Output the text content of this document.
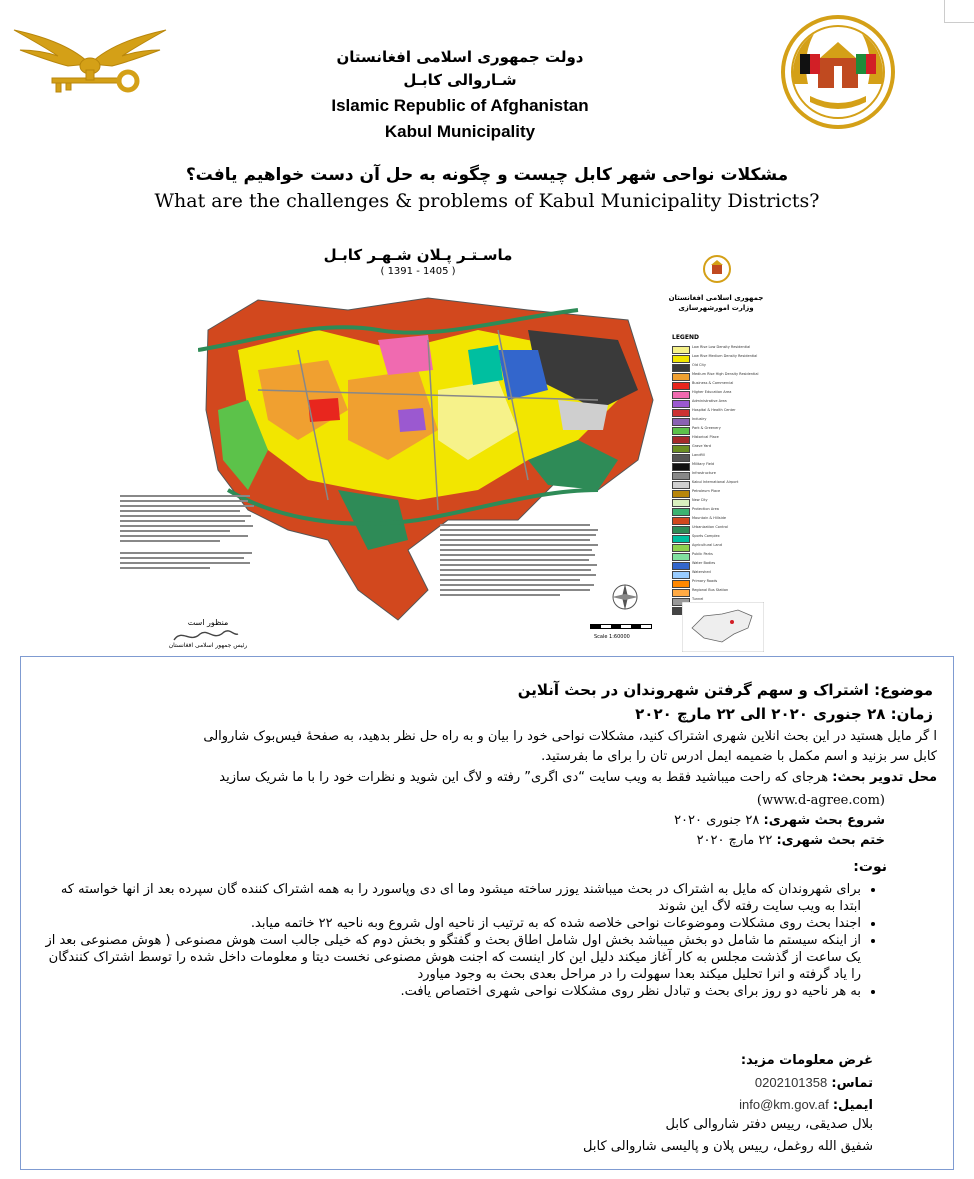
دولت جمهوری اسلامی افغانستان
شـاروالی کابـل
Islamic Republic of Afghanistan
Kabul Municipality
مشکلات نواحی شهر کابل چیست و چگونه به حل آن دست خواهیم یافت؟
What are the challenges & problems of Kabul Municipality Districts?
ماسـتـر پـلان شـهـر کابـل
( 1391 - 1405 )
جمهوری اسلامی افغانستان
وزارت امورشهرسازی
LEGEND
Low Rise Low Density Residential
Low Rise Medium Density Residential
Old City
Medium Rise High Density Residential
Business & Commercial
Higher Education Area
Administrative Area
Hospital & Health Center
Industry
Park & Greenery
Historical Place
Grave Yard
Landfill
Military Field
Infrastructure
Kabul International Airport
Petroleum Place
New City
Protection Area
Mountain & Hillside
Urbanization Control
Sports Complex
Agricultural Land
Public Parks
Water Bodies
Watershed
Primary Roads
Regional Bus Station
Tunnel
منظور است
رئیس جمهور اسلامی افغانستان
Scale 1:60000
موضوع: اشتراک و سهم گرفتن شهروندان در بحث آنلاین
زمان: ۲۸ جنوری ۲۰۲۰ الی ۲۲ مارچ ۲۰۲۰
ا گر مایل هستید در این بحث انلاین شهری اشتراک کنید، مشکلات نواحی خود را بیان و به راه حل نظر بدهید، به صفحهٔ فیس‌بوک شاروالی
کابل سر بزنید و اسم مکمل با ضمیمه ایمل ادرس تان را برای ما بفرستید.
محل تدویر بحث: هرجای که راحت میباشید فقط به ویب سایت “دی اگری” رفته و لاگ این شوید و نظرات خود را با ما شریک سازید
(www.d-agree.com)
شروع بحث شهری: ۲۸ جنوری ۲۰۲۰
ختم بحث شهری: ۲۲ مارچ ۲۰۲۰
نوت:
• برای شهروندان که مایل به اشتراک در بحث میباشند یوزر ساخته میشود وما ای دی وپاسورد را به همه اشتراک کننده گان سپرده بعد از انها خواسته که ابتدا به ویب سایت رفته لاگ این شوند
• اجندا بحث روی مشکلات وموضوعات نواحی خلاصه شده که به ترتیب از ناحیه اول شروع وبه ناحیه ۲۲ خاتمه میابد.
• از اینکه سیستم ما شامل دو بخش میباشد بخش اول شامل اطاق بحث و گفتگو و بخش دوم که خیلی جالب است هوش مصنوعی ( هوش مصنوعی بعد از یک ساعت از گذشت مجلس به کار آغاز میکند دلیل این کار اینست که اجنت هوش مصنوعی نخست دیتا و معلومات داخل شده را توسط اشتراک کنندگان را یاد گرفته و انرا تحلیل میکند بعدا سهولت را در مراحل بعدی بحث به وجود میاورد
• به هر ناحیه دو روز برای بحث و تبادل نظر روی مشکلات نواحی شهری اختصاص یافت.
غرض معلومات مزید:
تماس: 0202101358
ایمیل: info@km.gov.af
بلال صدیقی، رییس دفتر شاروالی کابل
شفیق الله روغمل، رییس پلان و پالیسی شاروالی کابل
